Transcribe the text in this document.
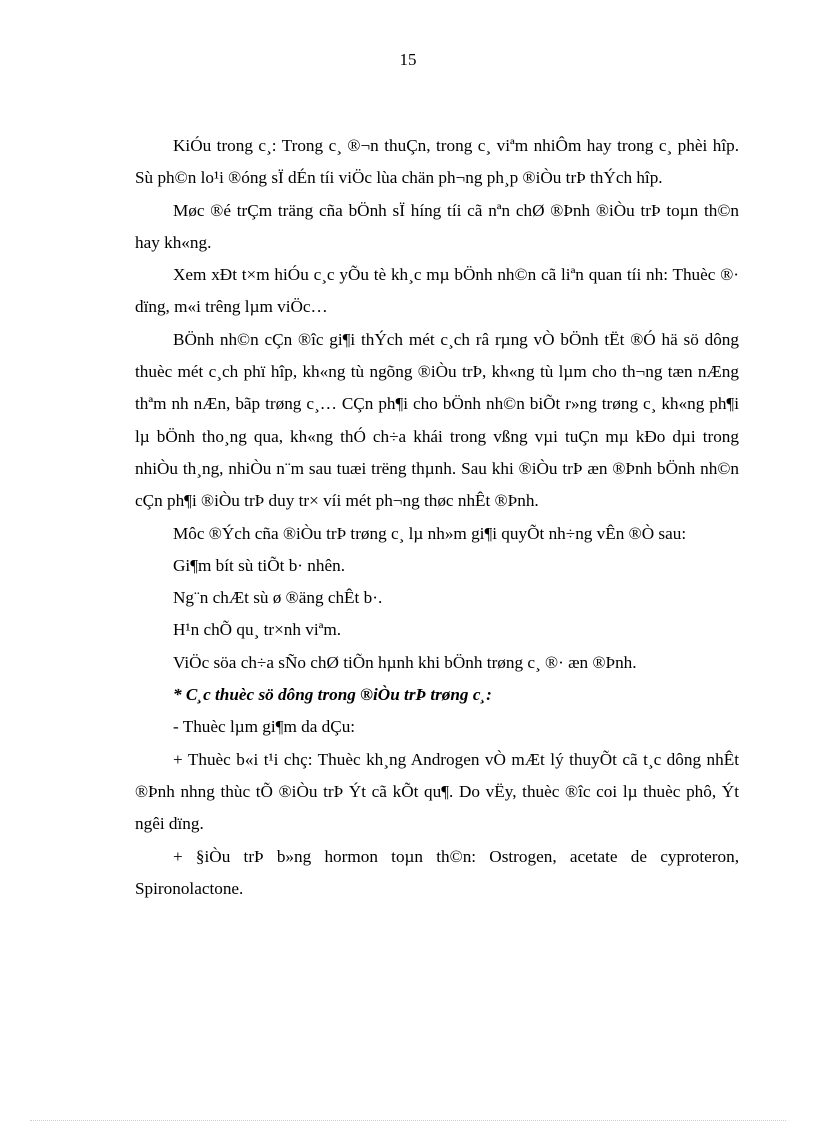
15

KiÓu trong c¸: Trong c¸ ®¬n thuÇn, trong c¸ viªm nhiÔm hay trong c¸ phèi hîp. Sù ph©n lo¹i ®óng sÏ dÉn tíi viÖc lùa chän ph¬ng ph¸p ®iÒu trÞ thÝch hîp.

Møc ®é trÇm träng cña bÖnh sÏ híng tíi cã nªn chØ ®Þnh ®iÒu trÞ toµn th©n hay kh«ng.

Xem xÐt t×m hiÓu c¸c yÕu tè kh¸c mµ bÖnh nh©n cã liªn quan tíi nh: Thuèc ®· dïng, m«i trêng lµm viÖc…

BÖnh nh©n cÇn ®îc gi¶i thÝch mét c¸ch râ rµng vÒ bÖnh tËt ®Ó hä sö dông thuèc mét c¸ch phï hîp, kh«ng tù ngõng ®iÒu trÞ, kh«ng tù lµm cho th¬ng tæn nÆng thªm nh nÆn, bãp trøng c¸… CÇn ph¶i cho bÖnh nh©n biÕt r»ng trøng c¸ kh«ng ph¶i lµ bÖnh tho¸ng qua, kh«ng thÓ ch÷a khái trong vßng vµi tuÇn mµ kÐo dµi trong nhiÒu th¸ng, nhiÒu n¨m sau tuæi trëng thµnh. Sau khi ®iÒu trÞ æn ®Þnh bÖnh nh©n cÇn ph¶i ®iÒu trÞ duy tr× víi mét ph¬ng thøc nhÊt ®Þnh.

Môc ®Ých cña ®iÒu trÞ trøng c¸ lµ nh»m gi¶i quyÕt nh÷ng vÊn ®Ò sau:

Gi¶m bít sù tiÕt b· nhên.

Ng¨n chÆt sù ø ®äng chÊt b·.

H¹n chÕ qu¸ tr×nh viªm.

ViÖc söa ch÷a sÑo chØ tiÕn hµnh khi bÖnh trøng c¸ ®· æn ®Þnh.

* C¸c thuèc sö dông trong ®iÒu trÞ trøng c¸:

- Thuèc lµm gi¶m da dÇu:

+ Thuèc b«i t¹i chç: Thuèc kh¸ng Androgen vÒ mÆt lý thuyÕt cã t¸c dông nhÊt ®Þnh nhng thùc tÕ ®iÒu trÞ Ýt cã kÕt qu¶. Do vËy, thuèc ®îc coi lµ thuèc phô, Ýt ngêi dïng.

+ §iÒu trÞ b»ng hormon toµn th©n: Ostrogen, acetate de cyproteron, Spironolactone.
